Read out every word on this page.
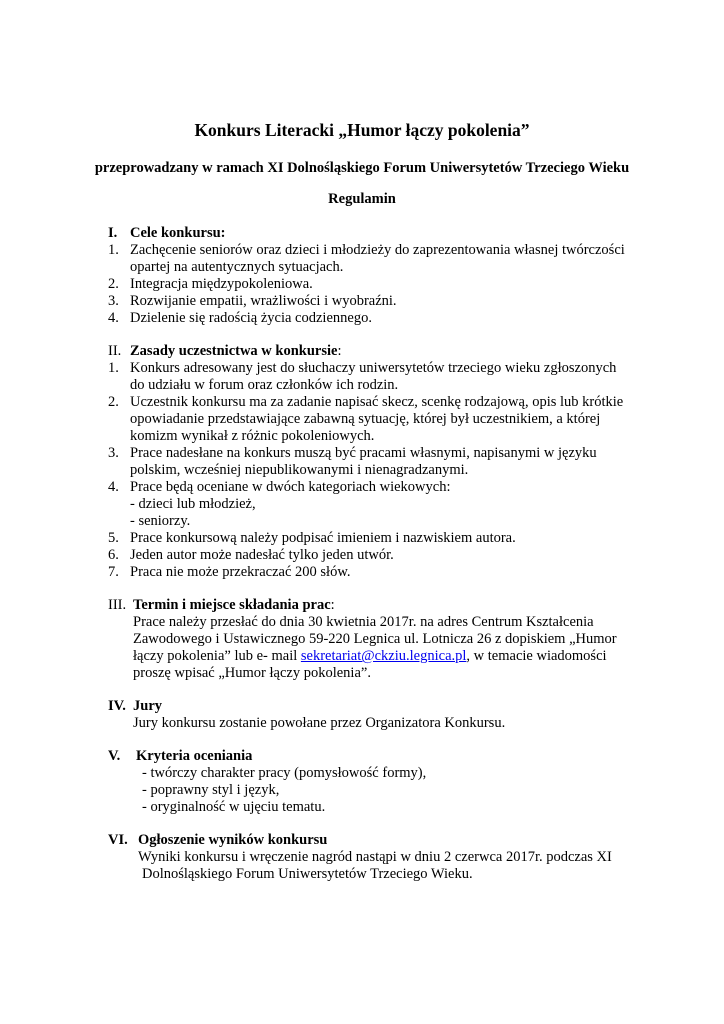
Konkurs Literacki „Humor łączy pokolenia”
przeprowadzany w ramach XI Dolnośląskiego Forum Uniwersytetów Trzeciego Wieku
Regulamin
I. Cele konkursu:
1. Zachęcenie seniorów oraz dzieci i młodzieży do zaprezentowania własnej twórczości
opartej na autentycznych sytuacjach.
2. Integracja międzypokoleniowa.
3. Rozwijanie empatii, wrażliwości i wyobraźni.
4. Dzielenie się radością życia codziennego.
II. Zasady uczestnictwa w konkursie:
1. Konkurs adresowany jest do słuchaczy uniwersytetów trzeciego wieku zgłoszonych
do udziału w forum oraz członków ich rodzin.
2. Uczestnik konkursu ma za zadanie napisać skecz, scenkę rodzajową, opis lub krótkie
opowiadanie przedstawiające zabawną sytuację, której był uczestnikiem, a której
komizm wynikał z różnic pokoleniowych.
3. Prace nadesłane na konkurs muszą być pracami własnymi, napisanymi w języku
polskim, wcześniej niepublikowanymi i nienagradzanymi.
4. Prace będą oceniane w dwóch kategoriach wiekowych:
- dzieci lub młodzież,
- seniorzy.
5. Prace konkursową należy podpisać imieniem i nazwiskiem autora.
6. Jeden autor może nadesłać tylko jeden utwór.
7. Praca nie może przekraczać 200 słów.
III. Termin i miejsce składania prac:
Prace należy przesłać do dnia 30 kwietnia 2017r. na adres Centrum Kształcenia
Zawodowego i Ustawicznego 59-220 Legnica ul. Lotnicza 26 z dopiskiem „Humor
łączy pokolenia” lub e- mail sekretariat@ckziu.legnica.pl, w temacie wiadomości
proszę wpisać „Humor łączy pokolenia”.
IV. Jury
Jury konkursu zostanie powołane przez Organizatora Konkursu.
V. Kryteria oceniania
- twórczy charakter pracy (pomysłowość formy),
- poprawny styl i język,
- oryginalność w ujęciu tematu.
VI. Ogłoszenie wyników konkursu
Wyniki konkursu i wręczenie nagród nastąpi w dniu 2 czerwca 2017r. podczas XI
Dolnośląskiego Forum Uniwersytetów Trzeciego Wieku.
